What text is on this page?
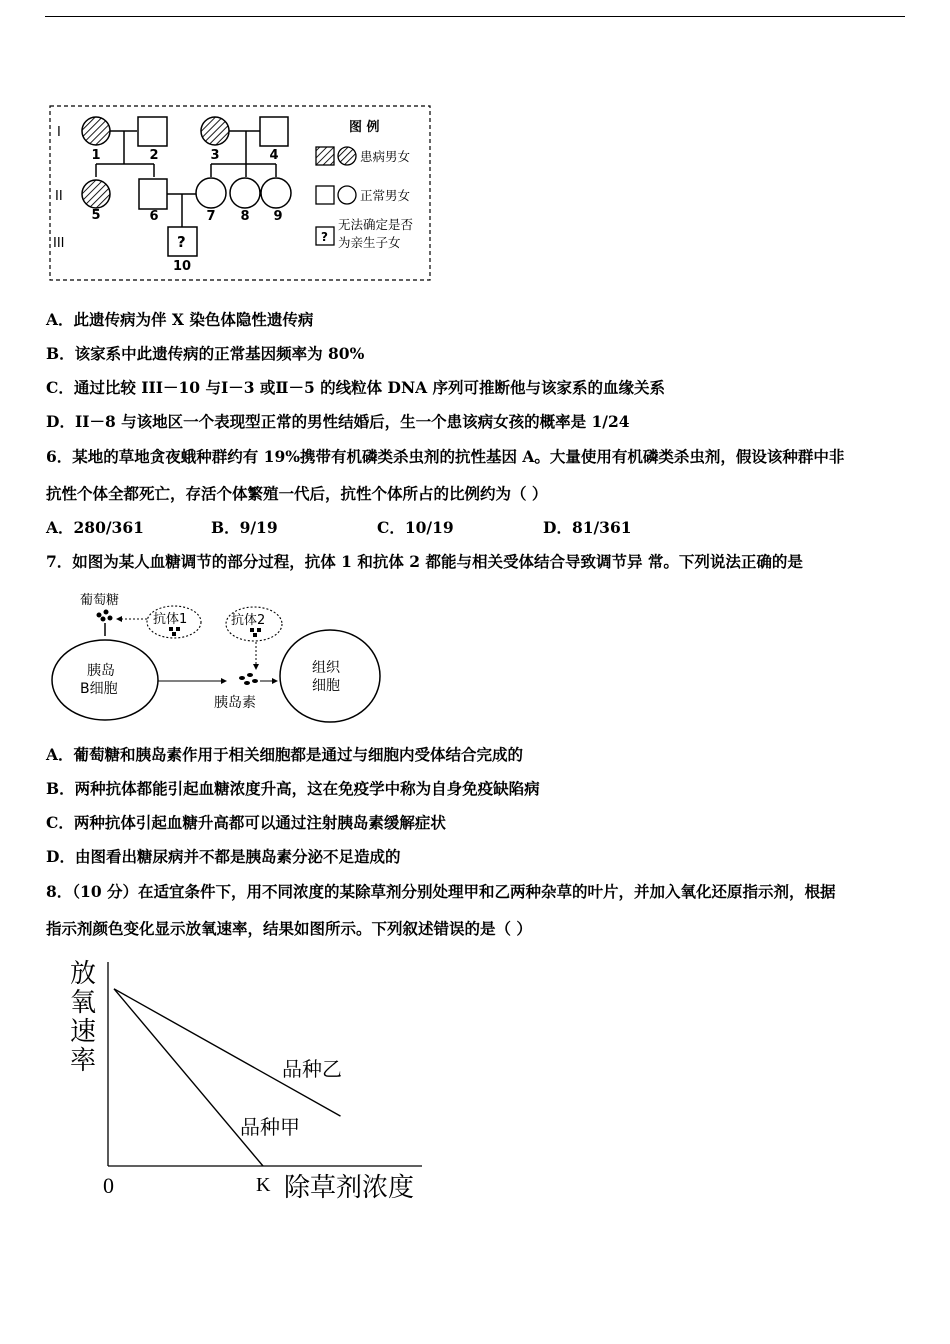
I
II
III	?
1	2	3	4
5	6	7 8 9
10
图 例
患病男女
正常男女
?
无法确定是否
为亲生子女
A．此遗传病为伴 X 染色体隐性遗传病
B．该家系中此遗传病的正常基因频率为 80%
C．通过比较 III－10 与Ⅰ－3 或Ⅱ－5 的线粒体 DNA 序列可推断他与该家系的血缘关系
D．II－8 与该地区一个表现型正常的男性结婚后，生一个患该病女孩的概率是 1/24
6．某地的草地贪夜蛾种群约有 19%携带有机磷类杀虫剂的抗性基因 A。大量使用有机磷类杀虫剂，假设该种群中非
抗性个体全都死亡，存活个体繁殖一代后，抗性个体所占的比例约为（ ）
A．280/361	B．9/19	C．10/19	D．81/361
7．如图为某人血糖调节的部分过程，抗体 1 和抗体 2 都能与相关受体结合导致调节异 常。下列说法正确的是
葡萄糖
抗体1	抗体2
胰岛
B细胞
胰岛素
组织
细胞
A．葡萄糖和胰岛素作用于相关细胞都是通过与细胞内受体结合完成的
B．两种抗体都能引起血糖浓度升高，这在免疫学中称为自身免疫缺陷病
C．两种抗体引起血糖升高都可以通过注射胰岛素缓解症状
D．由图看出糖尿病并不都是胰岛素分泌不足造成的
8．（10 分）在适宜条件下，用不同浓度的某除草剂分别处理甲和乙两种杂草的叶片，并加入氧化还原指示剂，根据
指示剂颜色变化显示放氧速率，结果如图所示。下列叙述错误的是（ ）
放
氧
速
率
0	K 除草剂浓度
品种甲
品种乙
